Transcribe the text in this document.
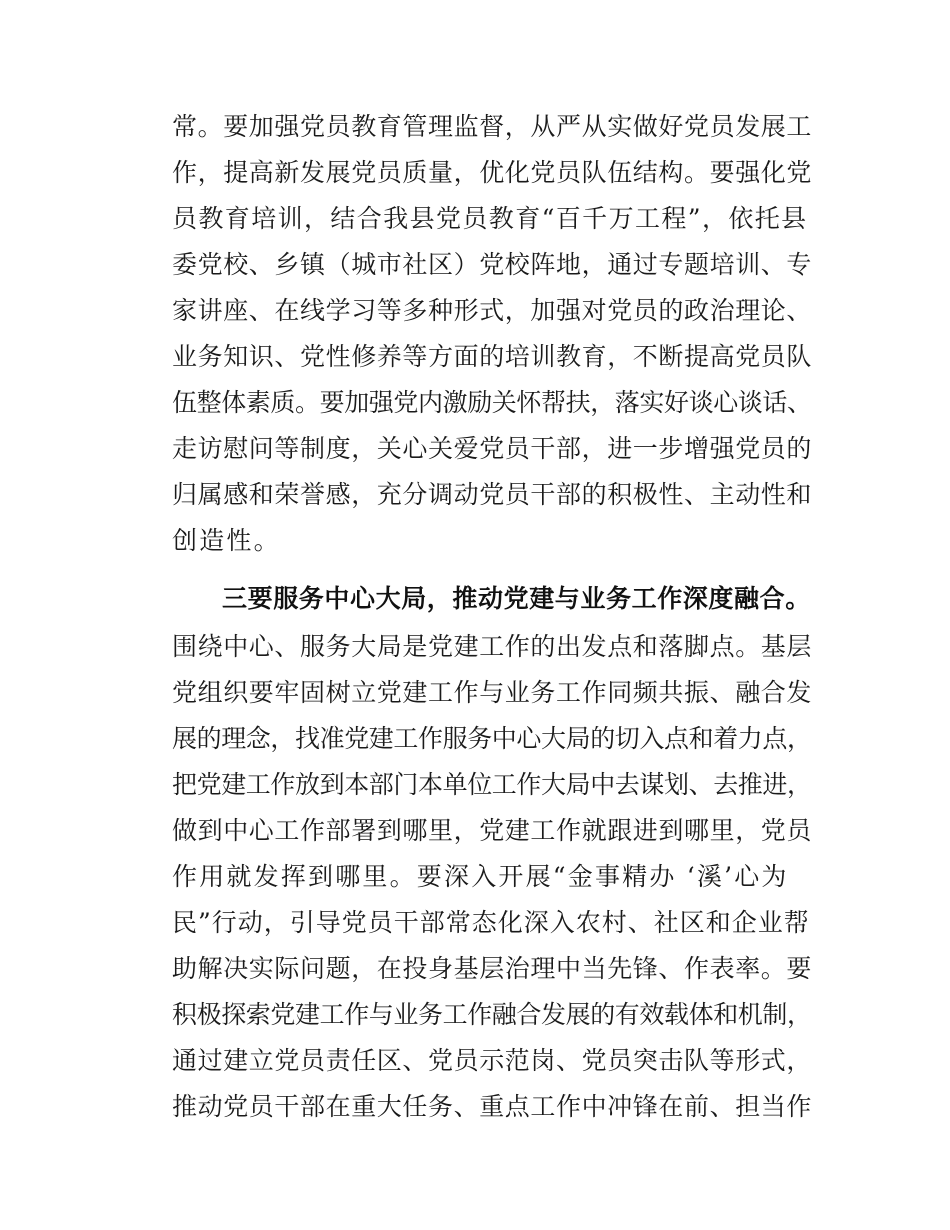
常。要加强党员教育管理监督，从严从实做好党员发展工
作，提高新发展党员质量，优化党员队伍结构。要强化党
员教育培训，结合我县党员教育“百千万工程”，依托县
委党校、乡镇（城市社区）党校阵地，通过专题培训、专
家讲座、在线学习等多种形式，加强对党员的政治理论、
业务知识、党性修养等方面的培训教育，不断提高党员队
伍整体素质。要加强党内激励关怀帮扶，落实好谈心谈话、
走访慰问等制度，关心关爱党员干部，进一步增强党员的
归属感和荣誉感，充分调动党员干部的积极性、主动性和
创造性。
三要服务中心大局，推动党建与业务工作深度融合。
围绕中心、服务大局是党建工作的出发点和落脚点。基层
党组织要牢固树立党建工作与业务工作同频共振、融合发
展的理念，找准党建工作服务中心大局的切入点和着力点，
把党建工作放到本部门本单位工作大局中去谋划、去推进，
做到中心工作部署到哪里，党建工作就跟进到哪里，党员
作用就发挥到哪里。要深入开展“金事精办 ‘溪’心为
民”行动，引导党员干部常态化深入农村、社区和企业帮
助解决实际问题，在投身基层治理中当先锋、作表率。要
积极探索党建工作与业务工作融合发展的有效载体和机制，
通过建立党员责任区、党员示范岗、党员突击队等形式，
推动党员干部在重大任务、重点工作中冲锋在前、担当作
